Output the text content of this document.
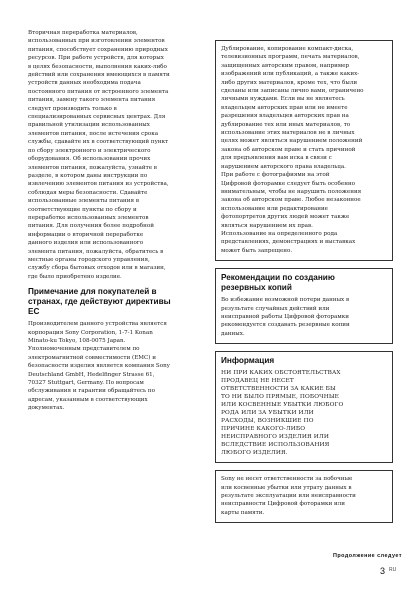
Вторичная переработка материалов,
использованных при изготовлении элементов
питания, способствует сохранению природных
ресурсов. При работе устройств, для которых
в целях безопасности, выполнения каких-либо
действий или сохранения имеющихся в памяти
устройств данных необходима подача
постоянного питания от встроенного элемента
питания, замену такого элемента питания
следует производить только в
специализированных сервисных центрах. Для
правильной утилизации использованных
элементов питания, после истечения срока
службы, сдавайте их в соответствующий пункт
по сбору электронного и электрического
оборудования. Об использовании прочих
элементов питания, пожалуйста, узнайте в
разделе, в котором даны инструкции по
извлечению элементов питания из устройства,
соблюдая меры безопасности. Сдавайте
использованные элементы питания в
соответствующие пункты по сбору и
переработке использованных элементов
питания. Для получения более подробной
информации о вторичной переработке
данного изделия или использованного
элемента питания, пожалуйста, обратитесь в
местные органы городского управления,
службу сбора бытовых отходов или в магазин,
где было приобретено изделие.

Примечание для покупателей в
странах, где действуют директивы
ЕС

Производителем данного устройства является
корпорация Sony Corporation, 1-7-1 Konan
Minato-ku Tokyo, 108-0075 Japan.
Уполномоченным представителем по
электромагнитной совместимости (EMC) и
безопасности изделия является компания Sony
Deutschland GmbH, Hedelfinger Strasse 61,
70327 Stuttgart, Germany. По вопросам
обслуживания и гарантии обращайтесь по
адресам, указанным в соответствующих
документах.

Дублирование, копирование компакт-диска,
телевизионных программ, печать материалов,
защищенных авторским правом, например
изображений или публикаций, а также каких-
либо других материалов, кроме тех, что были
сделаны или записаны лично вами, ограничено
личными нуждами. Если вы не являетесь
владельцем авторских прав или не имеете
разрешения владельцев авторских прав на
дублирование тех или иных материалов, то
использование этих материалов не в личных
целях может являться нарушением положений
закона об авторском праве и стать причиной
для предъявления вам иска в связи с
нарушением авторского права владельца.
При работе с фотографиями на этой
Цифровой фоторамке следует быть особенно
внимательным, чтобы не нарушить положения
закона об авторском праве. Любое незаконное
использование или редактирование
фотопортретов других людей может также
являться нарушением их прав.
Использование на определенного рода
представлениях, демонстрациях и выставках
может быть запрещено.

Рекомендации по созданию
резервных копий

Во избежание возможной потери данных в
результате случайных действий или
неисправной работы Цифровой фоторамки
рекомендуется создавать резервные копии
данных.

Информация

НИ ПРИ КАКИХ ОБСТОЯТЕЛЬСТВАХ
ПРОДАВЕЦ НЕ НЕСЕТ
ОТВЕТСТВЕННОСТИ ЗА КАКИЕ БЫ
ТО НИ БЫЛО ПРЯМЫЕ, ПОБОЧНЫЕ
ИЛИ КОСВЕННЫЕ УБЫТКИ ЛЮБОГО
РОДА ИЛИ ЗА УБЫТКИ ИЛИ
РАСХОДЫ, ВОЗНИКШИЕ ПО
ПРИЧИНЕ КАКОГО-ЛИБО
НЕИСПРАВНОГО ИЗДЕЛИЯ ИЛИ
ВСЛЕДСТВИЕ ИСПОЛЬЗОВАНИЯ
ЛЮБОГО ИЗДЕЛИЯ.

Sony не несет ответственности за побочные
или косвенные убытки или утрату данных в
результате эксплуатации или неисправности
неисправности Цифровой фоторамки или
карты памяти.

Продолжение следует
3 RU
